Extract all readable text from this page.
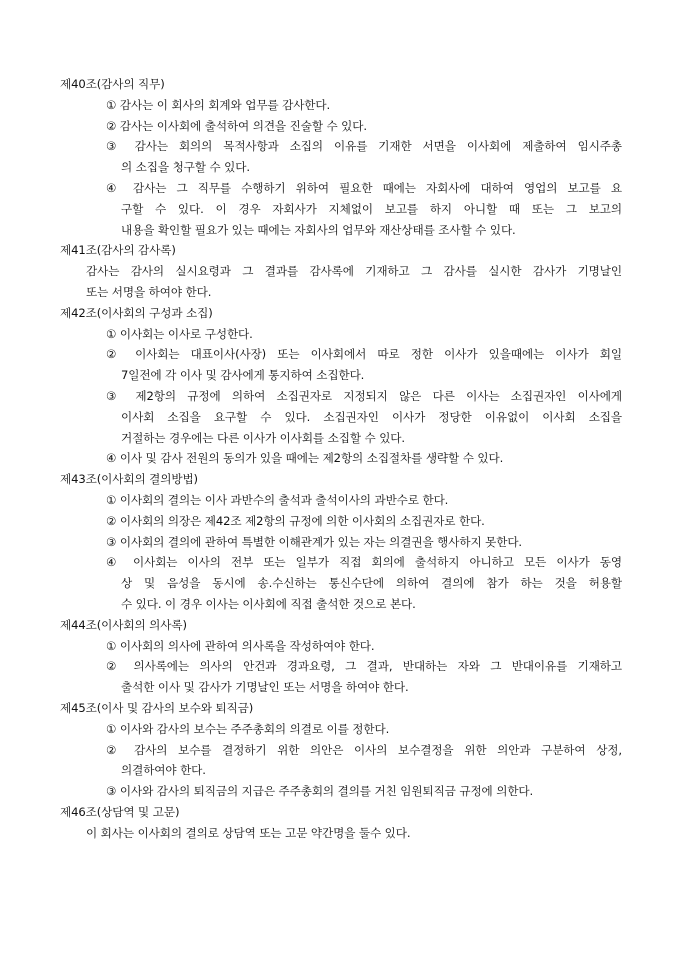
제40조(감사의 직무)
① 감사는 이 회사의 회계와 업무를 감사한다.
② 감사는 이사회에 출석하여 의견을 진술할 수 있다.
③ 감사는 회의의 목적사항과 소집의 이유를 기재한 서면을 이사회에 제출하여 임시주총
의 소집을 청구할 수 있다.
④ 감사는 그 직무를 수행하기 위하여 필요한 때에는 자회사에 대하여 영업의 보고를 요
구할 수 있다. 이 경우 자회사가 지체없이 보고를 하지 아니할 때 또는 그 보고의
내용을 확인할 필요가 있는 때에는 자회사의 업무와 재산상태를 조사할 수 있다.
제41조(감사의 감사록)
감사는 감사의 실시요령과 그 결과를 감사록에 기재하고 그 감사를 실시한 감사가 기명날인
또는 서명을 하여야 한다.
제42조(이사회의 구성과 소집)
① 이사회는 이사로 구성한다.
② 이사회는 대표이사(사장) 또는 이사회에서 따로 정한 이사가 있을때에는 이사가 회일
7일전에 각 이사 및 감사에게 통지하여 소집한다.
③ 제2항의 규정에 의하여 소집권자로 지정되지 않은 다른 이사는 소집권자인 이사에게
이사회 소집을 요구할 수 있다. 소집권자인 이사가 정당한 이유없이 이사회 소집을
거절하는 경우에는 다른 이사가 이사회를 소집할 수 있다.
④ 이사 및 감사 전원의 동의가 있을 때에는 제2항의 소집절차를 생략할 수 있다.
제43조(이사회의 결의방법)
① 이사회의 결의는 이사 과반수의 출석과 출석이사의 과반수로 한다.
② 이사회의 의장은 제42조 제2항의 규정에 의한 이사회의 소집권자로 한다.
③ 이사회의 결의에 관하여 특별한 이해관계가 있는 자는 의결권을 행사하지 못한다.
④ 이사회는 이사의 전부 또는 일부가 직접 회의에 출석하지 아니하고 모든 이사가 동영
상 및 음성을 동시에 송.수신하는 통신수단에 의하여 결의에 참가 하는 것을 허용할
수 있다. 이 경우 이사는 이사회에 직접 출석한 것으로 본다.
제44조(이사회의 의사록)
① 이사회의 의사에 관하여 의사록을 작성하여야 한다.
② 의사록에는 의사의 안건과 경과요령, 그 결과, 반대하는 자와 그 반대이유를 기재하고
출석한 이사 및 감사가 기명날인 또는 서명을 하여야 한다.
제45조(이사 및 감사의 보수와 퇴직금)
① 이사와 감사의 보수는 주주총회의 의결로 이를 정한다.
② 감사의 보수를 결정하기 위한 의안은 이사의 보수결정을 위한 의안과 구분하여 상정,
의결하여야 한다.
③ 이사와 감사의 퇴직금의 지급은 주주총회의 결의를 거친 임원퇴직금 규정에 의한다.
제46조(상담역 및 고문)
이 회사는 이사회의 결의로 상담역 또는 고문 약간명을 둘수 있다.
